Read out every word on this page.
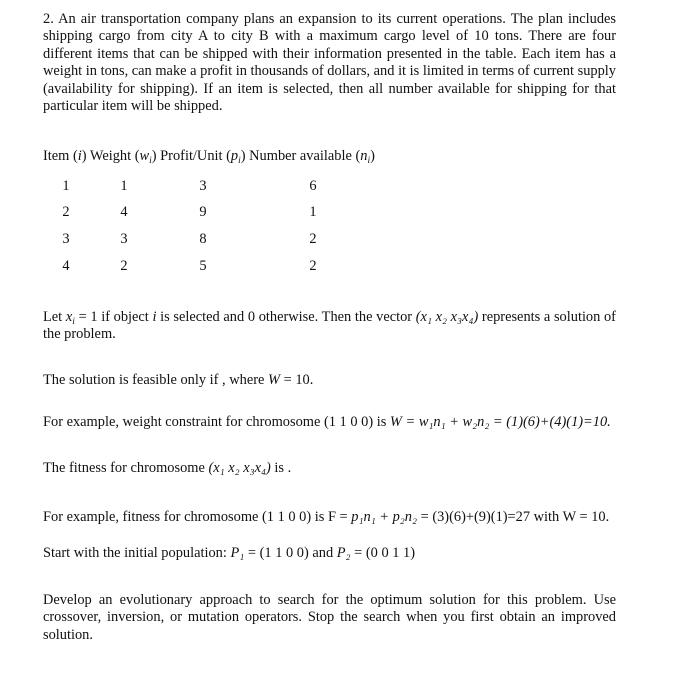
2. An air transportation company plans an expansion to its current operations. The plan includes shipping cargo from city A to city B with a maximum cargo level of 10 tons. There are four different items that can be shipped with their information presented in the table. Each item has a weight in tons, can make a profit in thousands of dollars, and it is limited in terms of current supply (availability for shipping). If an item is selected, then all number available for shipping for that particular item will be shipped.
Item (i) Weight $(w_i)$ Profit/Unit $(p_i)$ Number available $(n_i)$
1	1	3	6
2	4	9	1
3	3	8	2
4	2	5	2
Let $x_i = 1$ if object i is selected and 0 otherwise. Then the vector (x₁ x₂ x₃x₄) represents a solution of the problem.
The solution is feasible only if , where W = 10.
For example, weight constraint for chromosome (1 1 0 0) is W = w₁n₁ + w₂n₂ = (1)(6)+(4)(1)=10.
The fitness for chromosome (x₁ x₂ x₃x₄) is .
For example, fitness for chromosome (1 1 0 0) is F = p₁n₁ + p₂n₂ = (3)(6)+(9)(1)=27 with W = 10.
Start with the initial population: P₁ = (1 1 0 0) and P₂ = (0 0 1 1)
Develop an evolutionary approach to search for the optimum solution for this problem. Use crossover, inversion, or mutation operators. Stop the search when you first obtain an improved solution.
